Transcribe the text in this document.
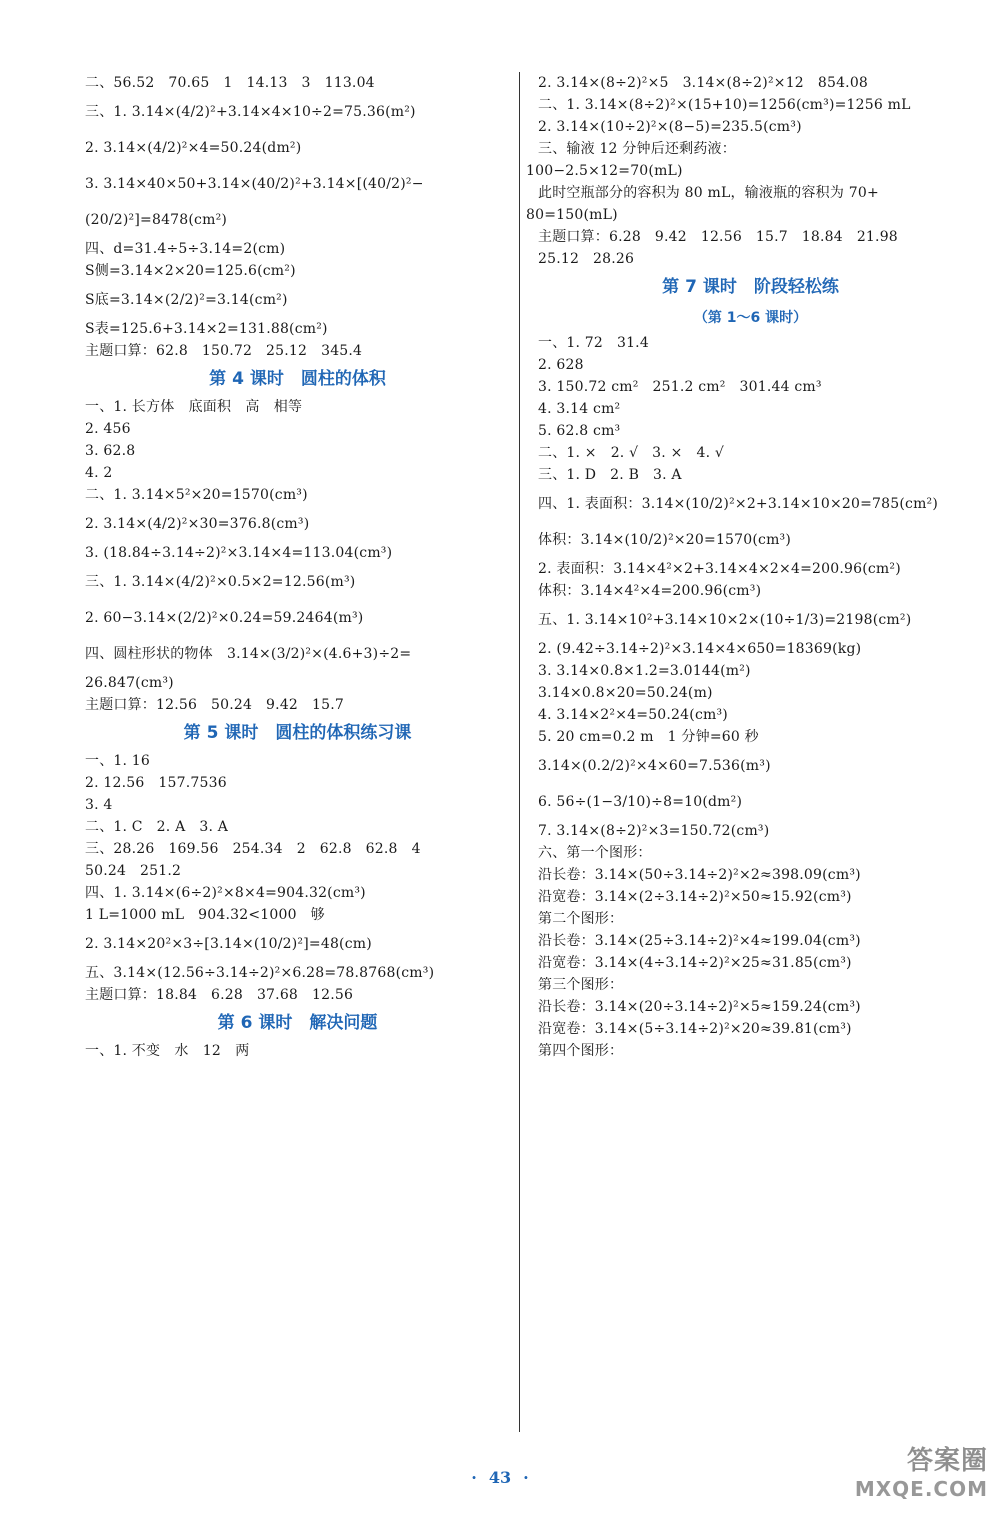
二、56.52   70.65   1   14.13   3   113.04
三、1. 3.14×(4/2)²+3.14×4×10÷2=75.36(m²)
2. 3.14×(4/2)²×4=50.24(dm²)
3. 3.14×40×50+3.14×(40/2)²+3.14×[(40/2)²−
(20/2)²]=8478(cm²)
四、d=31.4÷5÷3.14=2(cm)
S侧=3.14×2×20=125.6(cm²)
S底=3.14×(2/2)²=3.14(cm²)
S表=125.6+3.14×2=131.88(cm²)
主题口算：62.8   150.72   25.12   345.4
第 4 课时　圆柱的体积
一、1. 长方体　底面积　高　相等
2. 456
3. 62.8
4. 2
二、1. 3.14×5²×20=1570(cm³)
2. 3.14×(4/2)²×30=376.8(cm³)
3. (18.84÷3.14÷2)²×3.14×4=113.04(cm³)
三、1. 3.14×(4/2)²×0.5×2=12.56(m³)
2. 60−3.14×(2/2)²×0.24=59.2464(m³)
四、圆柱形状的物体　3.14×(3/2)²×(4.6+3)÷2=
26.847(cm³)
主题口算：12.56   50.24   9.42   15.7
第 5 课时　圆柱的体积练习课
一、1. 16
2. 12.56   157.7536
3. 4
二、1. C   2. A   3. A
三、28.26   169.56   254.34   2   62.8   62.8   4
50.24   251.2
四、1. 3.14×(6÷2)²×8×4=904.32(cm³)
1 L=1000 mL   904.32<1000   够
2. 3.14×20²×3÷[3.14×(10/2)²]=48(cm)
五、3.14×(12.56÷3.14÷2)²×6.28=78.8768(cm³)
主题口算：18.84   6.28   37.68   12.56
第 6 课时　解决问题
一、1. 不变　水　12　两
2. 3.14×(8÷2)²×5   3.14×(8÷2)²×12   854.08
二、1. 3.14×(8÷2)²×(15+10)=1256(cm³)=1256 mL
2. 3.14×(10÷2)²×(8−5)=235.5(cm³)
三、输液 12 分钟后还剩药液：
100−2.5×12=70(mL)
此时空瓶部分的容积为 80 mL，输液瓶的容积为 70+
80=150(mL)
主题口算：6.28   9.42   12.56   15.7   18.84   21.98
25.12   28.26
第 7 课时　阶段轻松练
（第 1～6 课时）
一、1. 72   31.4
2. 628
3. 150.72 cm²   251.2 cm²   301.44 cm³
4. 3.14 cm²
5. 62.8 cm³
二、1. ×   2. √   3. ×   4. √
三、1. D   2. B   3. A
四、1. 表面积：3.14×(10/2)²×2+3.14×10×20=785(cm²)
体积：3.14×(10/2)²×20=1570(cm³)
2. 表面积：3.14×4²×2+3.14×4×2×4=200.96(cm²)
体积：3.14×4²×4=200.96(cm³)
五、1. 3.14×10²+3.14×10×2×(10÷1/3)=2198(cm²)
2. (9.42÷3.14÷2)²×3.14×4×650=18369(kg)
3. 3.14×0.8×1.2=3.0144(m²)
3.14×0.8×20=50.24(m)
4. 3.14×2²×4=50.24(cm³)
5. 20 cm=0.2 m   1 分钟=60 秒
3.14×(0.2/2)²×4×60=7.536(m³)
6. 56÷(1−3/10)÷8=10(dm²)
7. 3.14×(8÷2)²×3=150.72(cm³)
六、第一个图形：
沿长卷：3.14×(50÷3.14÷2)²×2≈398.09(cm³)
沿宽卷：3.14×(2÷3.14÷2)²×50≈15.92(cm³)
第二个图形：
沿长卷：3.14×(25÷3.14÷2)²×4≈199.04(cm³)
沿宽卷：3.14×(4÷3.14÷2)²×25≈31.85(cm³)
第三个图形：
沿长卷：3.14×(20÷3.14÷2)²×5≈159.24(cm³)
沿宽卷：3.14×(5÷3.14÷2)²×20≈39.81(cm³)
第四个图形：
· 43 ·
答案圈
MXQE.COM
